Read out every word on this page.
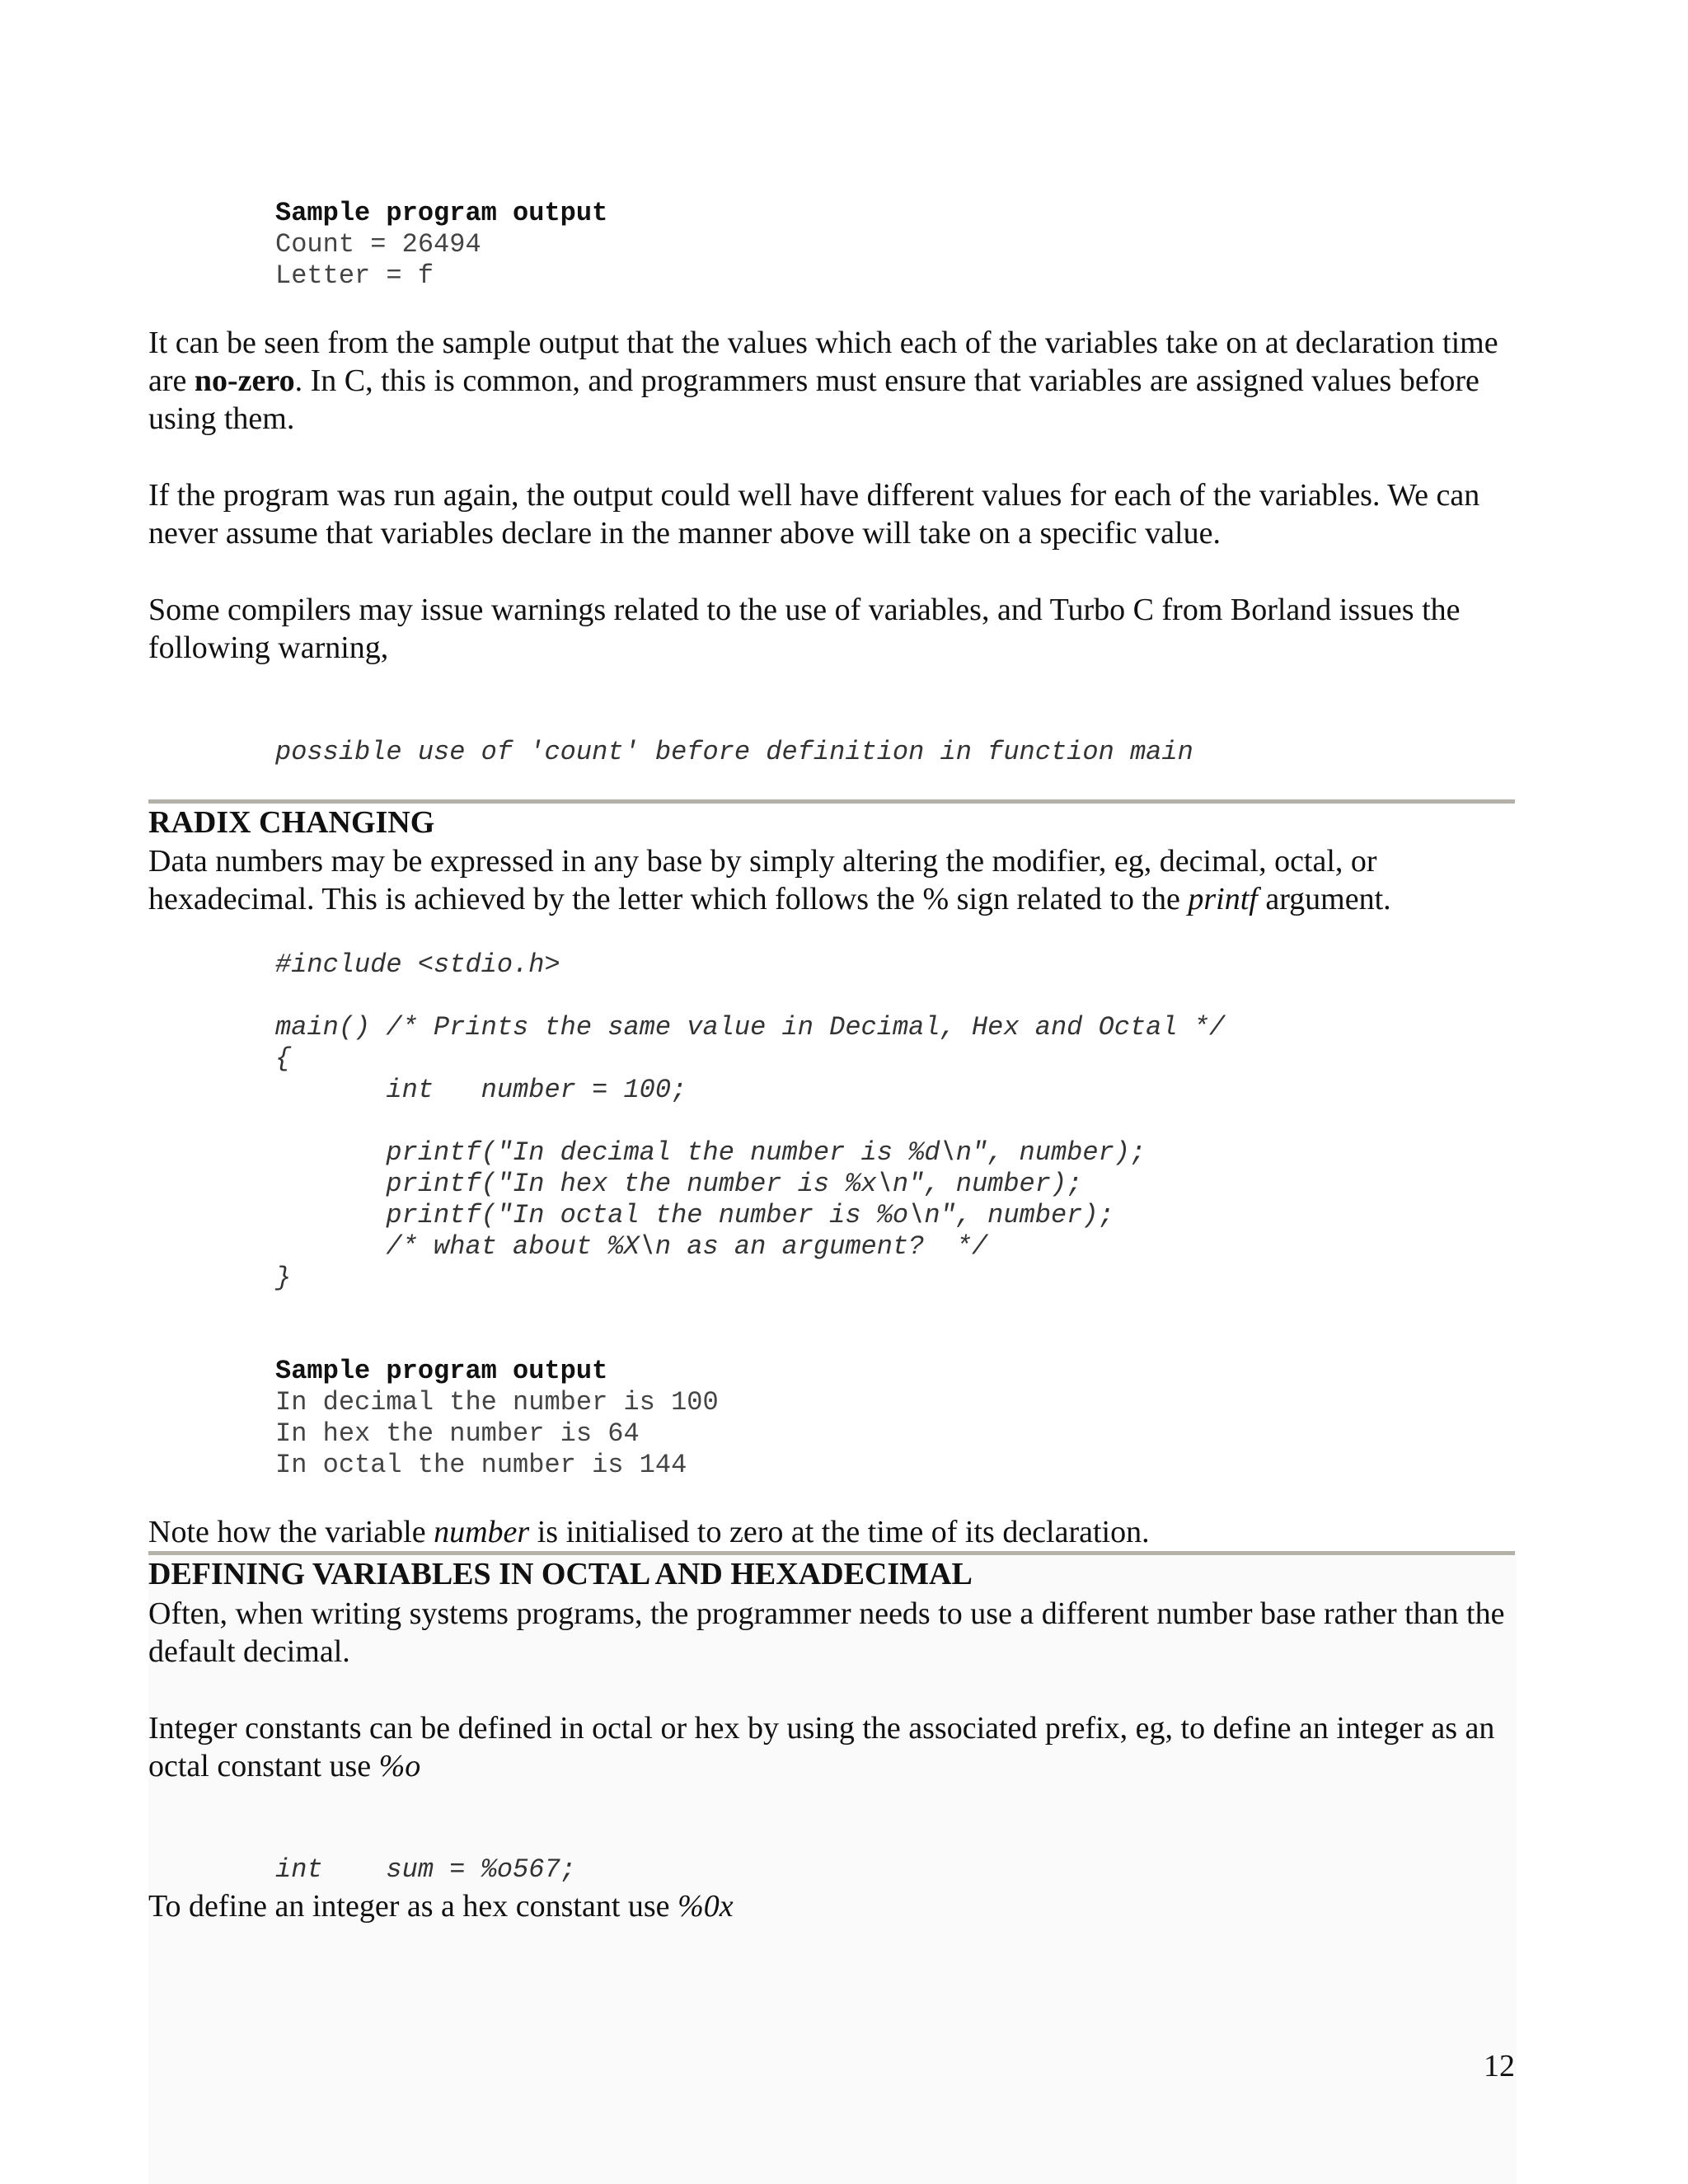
Sample program output
Count = 26494
Letter = f
It can be seen from the sample output that the values which each of the variables take on at declaration time are no-zero. In C, this is common, and programmers must ensure that variables are assigned values before using them.
If the program was run again, the output could well have different values for each of the variables. We can never assume that variables declare in the manner above will take on a specific value.
Some compilers may issue warnings related to the use of variables, and Turbo C from Borland issues the following warning,
possible use of 'count' before definition in function main
RADIX CHANGING
Data numbers may be expressed in any base by simply altering the modifier, eg, decimal, octal, or hexadecimal. This is achieved by the letter which follows the % sign related to the printf argument.
#include <stdio.h>
main() /* Prints the same value in Decimal, Hex and Octal */
{
int   number = 100;
printf("In decimal the number is %d\n", number);
printf("In hex the number is %x\n", number);
printf("In octal the number is %o\n", number);
/* what about %X\n as an argument?  */
}
Sample program output
In decimal the number is 100
In hex the number is 64
In octal the number is 144
Note how the variable number is initialised to zero at the time of its declaration.
DEFINING VARIABLES IN OCTAL AND HEXADECIMAL
Often, when writing systems programs, the programmer needs to use a different number base rather than the default decimal.
Integer constants can be defined in octal or hex by using the associated prefix, eg, to define an integer as an octal constant use %o
int    sum = %o567;
To define an integer as a hex constant use %0x
12
